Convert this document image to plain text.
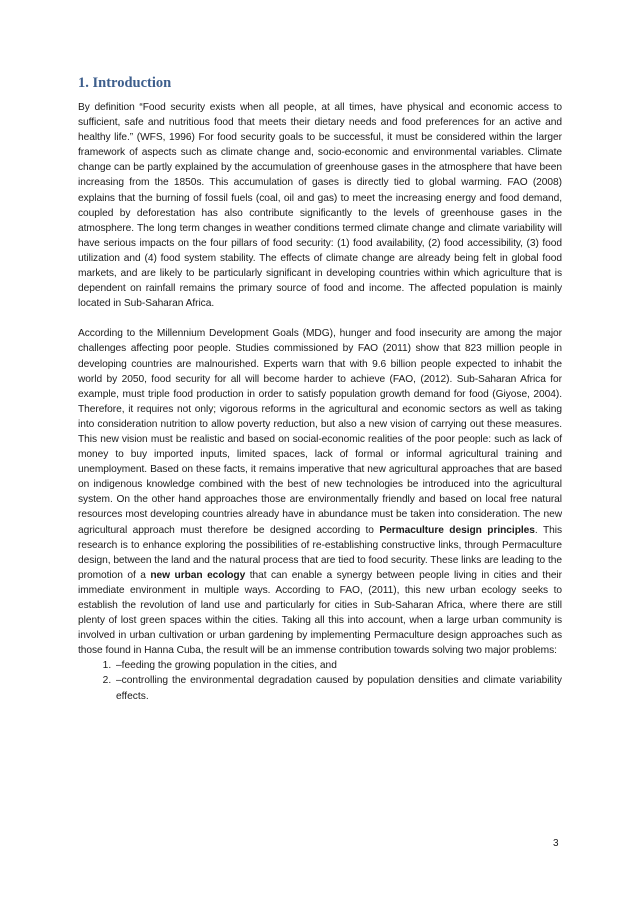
1. Introduction

By definition “Food security exists when all people, at all times, have physical and economic access to sufficient, safe and nutritious food that meets their dietary needs and food preferences for an active and healthy life.” (WFS, 1996) For food security goals to be successful, it must be considered within the larger framework of aspects such as climate change and, socio-economic and environmental variables. Climate change can be partly explained by the accumulation of greenhouse gases in the atmosphere that have been increasing from the 1850s. This accumulation of gases is directly tied to global warming. FAO (2008) explains that the burning of fossil fuels (coal, oil and gas) to meet the increasing energy and food demand, coupled by deforestation has also contribute significantly to the levels of greenhouse gases in the atmosphere. The long term changes in weather conditions termed climate change and climate variability will have serious impacts on the four pillars of food security: (1) food availability, (2) food accessibility, (3) food utilization and (4) food system stability. The effects of climate change are already being felt in global food markets, and are likely to be particularly significant in developing countries within which agriculture that is dependent on rainfall remains the primary source of food and income. The affected population is mainly located in Sub-Saharan Africa.

According to the Millennium Development Goals (MDG), hunger and food insecurity are among the major challenges affecting poor people. Studies commissioned by FAO (2011) show that 823 million people in developing countries are malnourished. Experts warn that with 9.6 billion people expected to inhabit the world by 2050, food security for all will become harder to achieve (FAO, (2012). Sub-Saharan Africa for example, must triple food production in order to satisfy population growth demand for food (Giyose, 2004). Therefore, it requires not only; vigorous reforms in the agricultural and economic sectors as well as taking into consideration nutrition to allow poverty reduction, but also a new vision of carrying out these measures. This new vision must be realistic and based on social-economic realities of the poor people: such as lack of money to buy imported inputs, limited spaces, lack of formal or informal agricultural training and unemployment. Based on these facts, it remains imperative that new agricultural approaches that are based on indigenous knowledge combined with the best of new technologies be introduced into the agricultural system. On the other hand approaches those are environmentally friendly and based on local free natural resources most developing countries already have in abundance must be taken into consideration. The new agricultural approach must therefore be designed according to Permaculture design principles. This research is to enhance exploring the possibilities of re-establishing constructive links, through Permaculture design, between the land and the natural process that are tied to food security. These links are leading to the promotion of a new urban ecology that can enable a synergy between people living in cities and their immediate environment in multiple ways. According to FAO, (2011), this new urban ecology seeks to establish the revolution of land use and particularly for cities in Sub-Saharan Africa, where there are still plenty of lost green spaces within the cities. Taking all this into account, when a large urban community is involved in urban cultivation or urban gardening by implementing Permaculture design approaches such as those found in Hanna Cuba, the result will be an immense contribution towards solving two major problems:

1. –feeding the growing population in the cities, and
2. –controlling the environmental degradation caused by population densities and climate variability effects.
3
